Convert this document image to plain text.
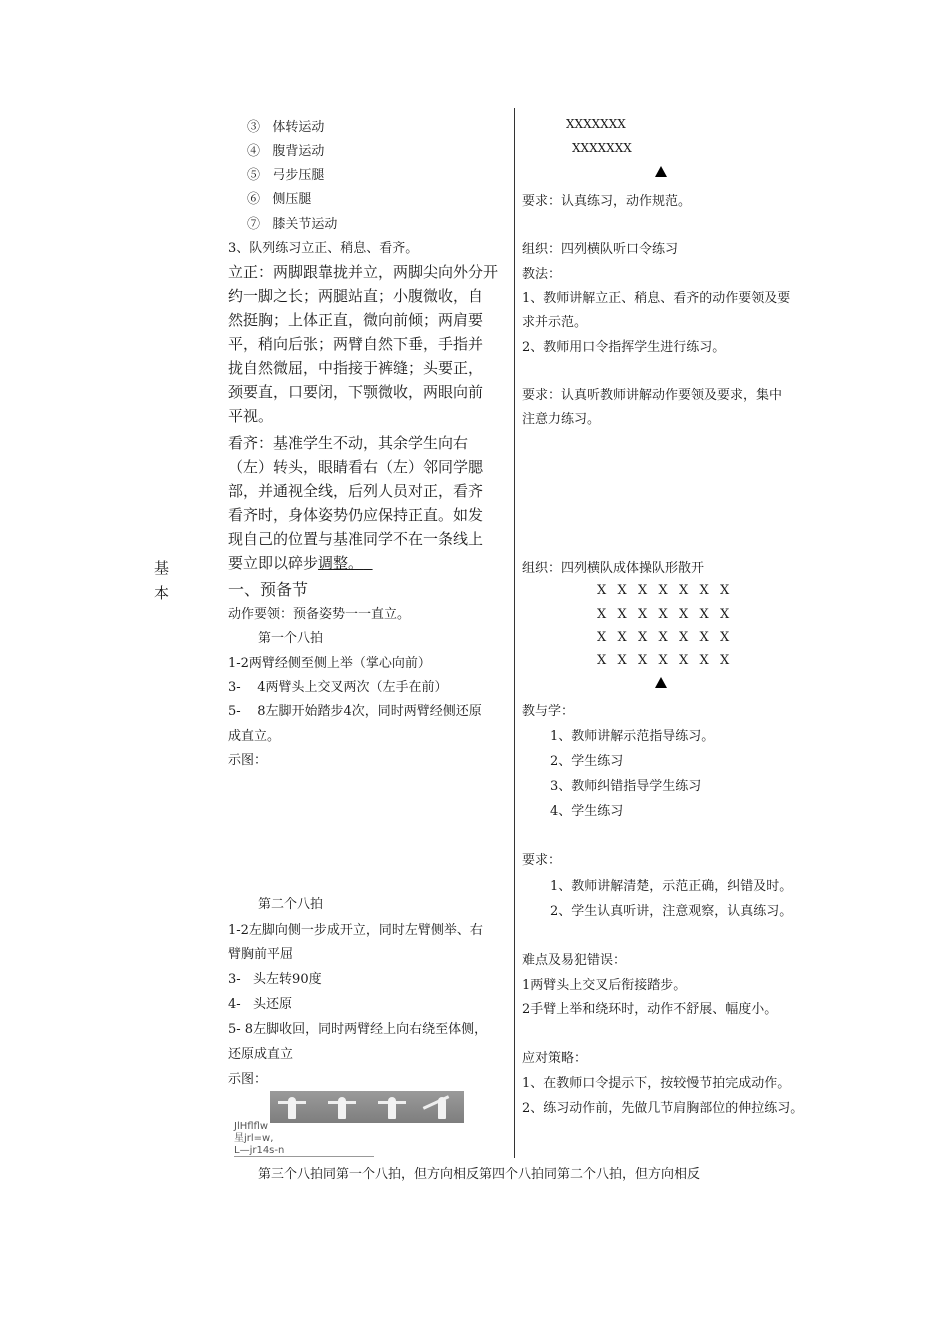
③ 体转运动
④ 腹背运动
⑤ 弓步压腿
⑥ 侧压腿
⑦ 膝关节运动
3、队列练习立正、稍息、看齐。
立正：两脚跟靠拢并立，两脚尖向外分开
约一脚之长；两腿站直；小腹微收，自
然挺胸；上体正直，微向前倾；两肩要
平，稍向后张；两臂自然下垂，手指并
拢自然微屈，中指接于裤缝；头要正，
颈要直，口要闭，下颚微收，两眼向前
平视。
看齐：基准学生不动，其余学生向右
（左）转头，眼睛看右（左）邻同学腮
部，并通视全线，后列人员对正，看齐
看齐时，身体姿势仍应保持正直。如发
现自己的位置与基准同学不在一条线上
要立即以碎步调整。
基
本	一、预备节
动作要领：预备姿势一一直立。
第一个八拍
1-2两臂经侧至侧上举（掌心向前）
3-    4两臂头上交叉两次（左手在前）
5-    8左脚开始踏步4次，同时两臂经侧还原
成直立。
示图：
第二个八拍
1-2左脚向侧一步成开立，同时左臂侧举、右
臂胸前平屈
3-   头左转90度
4-   头还原
5- 8左脚收回，同时两臂经上向右绕至体侧，
还原成直立
示图：
JlHflflw
星jrl=w,
L—jr14s-n
XXXXXXX
XXXXXXX
要求：认真练习，动作规范。
组织：四列横队听口令练习
教法：
1、教师讲解立正、稍息、看齐的动作要领及要
求并示范。
2、教师用口令指挥学生进行练习。
要求：认真听教师讲解动作要领及要求，集中
注意力练习。
组织：四列横队成体操队形散开
X X X X X X X
X X X X X X X
X X X X X X X
X X X X X X X
教与学：
1、教师讲解示范指导练习。
2、学生练习
3、教师纠错指导学生练习
4、学生练习
要求：
1、教师讲解清楚，示范正确，纠错及时。
2、学生认真听讲，注意观察，认真练习。
难点及易犯错误：
1两臂头上交叉后衔接踏步。
2手臂上举和绕环时，动作不舒展、幅度小。
应对策略：
1、在教师口令提示下，按较慢节拍完成动作。
2、练习动作前，先做几节肩胸部位的伸拉练习。
第三个八拍同第一个八拍，但方向相反第四个八拍同第二个八拍，但方向相反
